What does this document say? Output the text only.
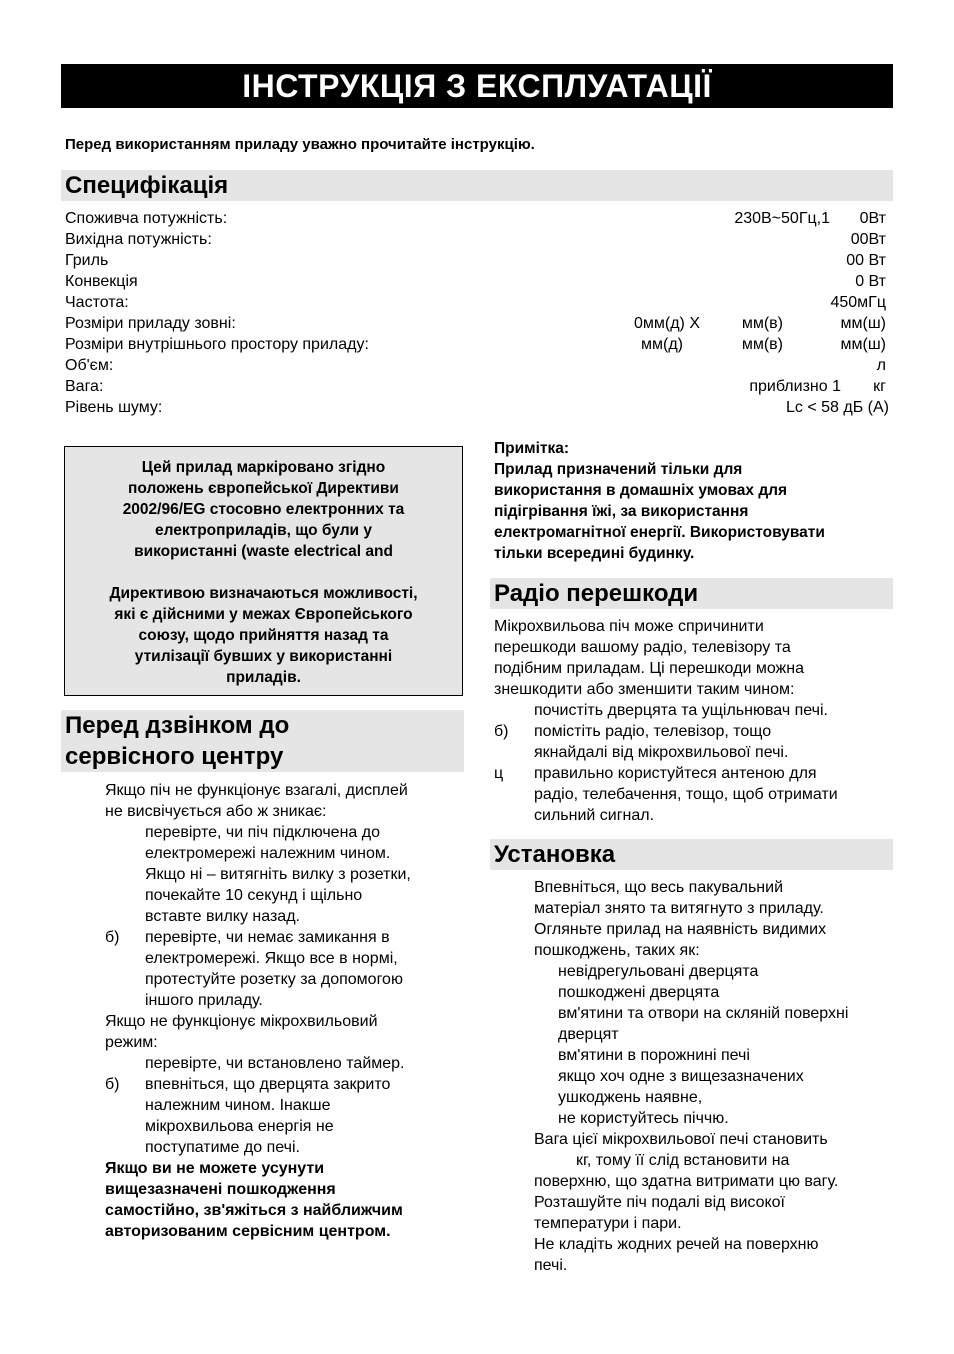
ІНСТРУКЦІЯ З ЕКСПЛУАТАЦІЇ
Перед використанням приладу уважно прочитайте інструкцію.
Специфікація
Споживча потужність:	230В~50Гц,1 0Вт
Вихідна потужність:	00Вт
Гриль	00 Вт
Конвекція	0 Вт
Частота:	450мГц
Розміри приладу зовні:	0мм(д) Х	мм(в)	мм(ш)
Розміри внутрішнього простору приладу:	мм(д)	мм(в)	мм(ш)
Об'єм:	л
Вага:	приблизно 1 кг
Рівень шуму:	Lc < 58 дБ (A)

Цей прилад маркіровано згідно
положень європейської Директиви
2002/96/EG стосовно електронних та
електроприладів, що були у
використанні (waste electrical and

Директивою визначаються можливості,
які є дійсними у межах Європейського
союзу, щодо прийняття назад та
утилізації бувших у використанні
приладів.

Перед дзвінком до
сервісного центру
Якщо піч не функціонує взагалі, дисплей
не висвічується або ж зникає:
перевірте, чи піч підключена до
електромережі належним чином.
Якщо ні – витягніть вилку з розетки,
почекайте 10 секунд і щільно
вставте вилку назад.
б) перевірте, чи немає замикання в
електромережі. Якщо все в нормі,
протестуйте розетку за допомогою
іншого приладу.
Якщо не функціонує мікрохвильовий
режим:
перевірте, чи встановлено таймер.
б) впевніться, що дверцята закрито
належним чином. Інакше
мікрохвильова енергія не
поступатиме до печі.
Якщо ви не можете усунути
вищезазначені пошкодження
самостійно, зв'яжіться з найближчим
авторизованим сервісним центром.
Примітка:
Прилад призначений тільки для
використання в домашніх умовах для
підігрівання їжі, за використання
електромагнітної енергії. Використовувати
тільки всередині будинку.
Радіо перешкоди
Мікрохвильова піч може спричинити
перешкоди вашому радіо, телевізору та
подібним приладам. Ці перешкоди можна
знешкодити або зменшити таким чином:
почистіть дверцята та ущільнювач печі.
б) помістіть радіо, телевізор, тощо
якнайдалі від мікрохвильової печі.
ц правильно користуйтеся антеною для
радіо, телебачення, тощо, щоб отримати
сильний сигнал.
Установка
Впевніться, що весь пакувальний
матеріал знято та витягнуто з приладу.
Огляньте прилад на наявність видимих
пошкоджень, таких як:
невідрегульовані дверцята
пошкоджені дверцята
вм'ятини та отвори на скляній поверхні
дверцят
вм'ятини в порожнині печі
якщо хоч одне з вищезазначених
ушкоджень наявне,
не користуйтесь піччю.
Вага цієї мікрохвильової печі становить
кг, тому її слід встановити на
поверхню, що здатна витримати цю вагу.
Розташуйте піч подалі від високої
температури і пари.
Не кладіть жодних речей на поверхню
печі.
